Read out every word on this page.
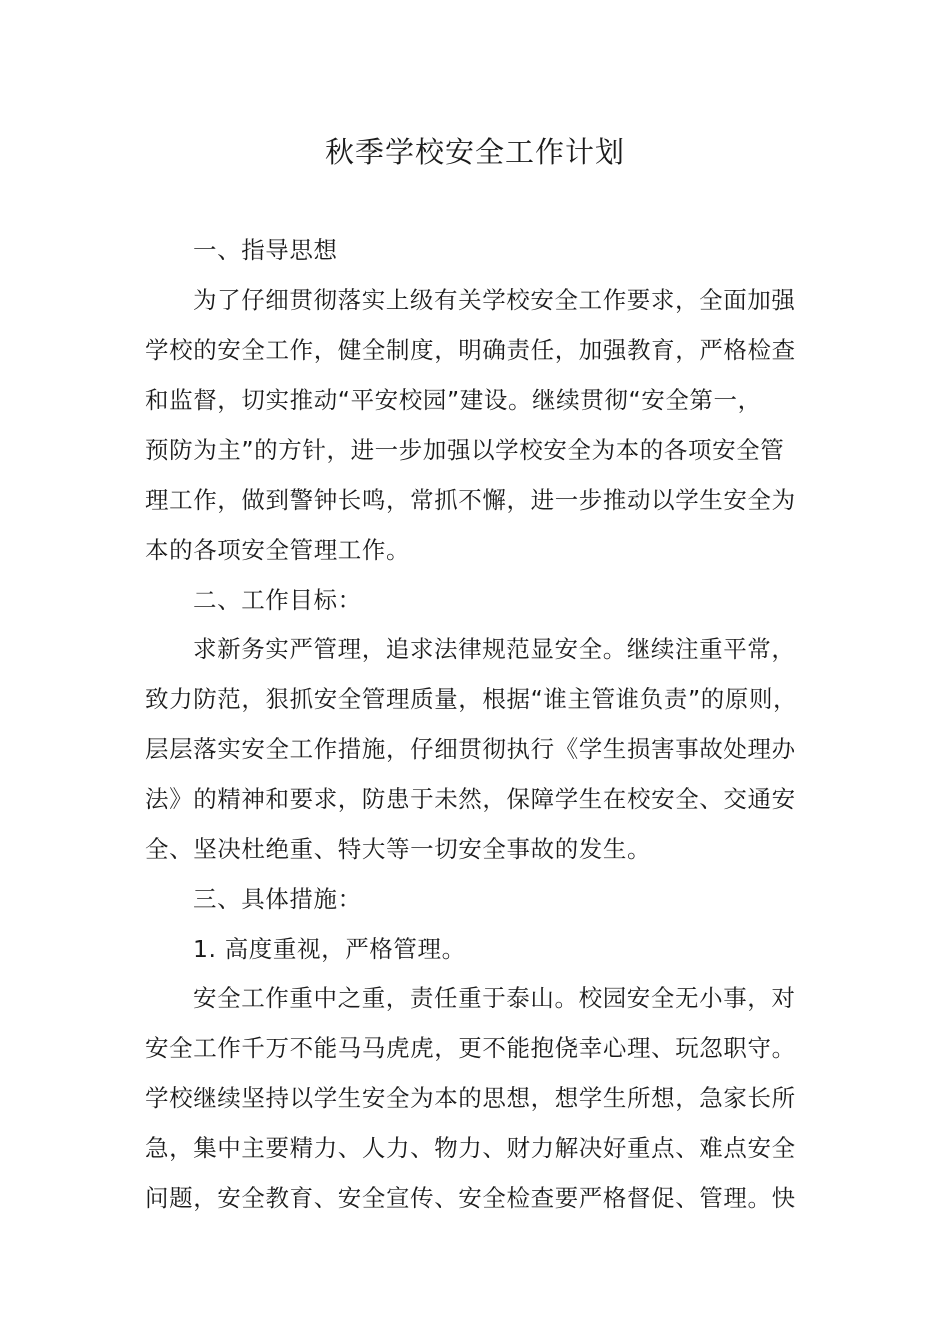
秋季学校安全工作计划
一、指导思想
为了仔细贯彻落实上级有关学校安全工作要求，全面加强
学校的安全工作，健全制度，明确责任，加强教育，严格检查
和监督，切实推动“平安校园”建设。继续贯彻“安全第一，
预防为主”的方针，进一步加强以学校安全为本的各项安全管
理工作，做到警钟长鸣，常抓不懈，进一步推动以学生安全为
本的各项安全管理工作。
二、工作目标：
求新务实严管理，追求法律规范显安全。继续注重平常，
致力防范，狠抓安全管理质量，根据“谁主管谁负责”的原则，
层层落实安全工作措施，仔细贯彻执行《学生损害事故处理办
法》的精神和要求，防患于未然，保障学生在校安全、交通安
全、坚决杜绝重、特大等一切安全事故的发生。
三、具体措施：
1. 高度重视，严格管理。
安全工作重中之重，责任重于泰山。校园安全无小事，对
安全工作千万不能马马虎虎，更不能抱侥幸心理、玩忽职守。
学校继续坚持以学生安全为本的思想，想学生所想，急家长所
急，集中主要精力、人力、物力、财力解决好重点、难点安全
问题，安全教育、安全宣传、安全检查要严格督促、管理。快
